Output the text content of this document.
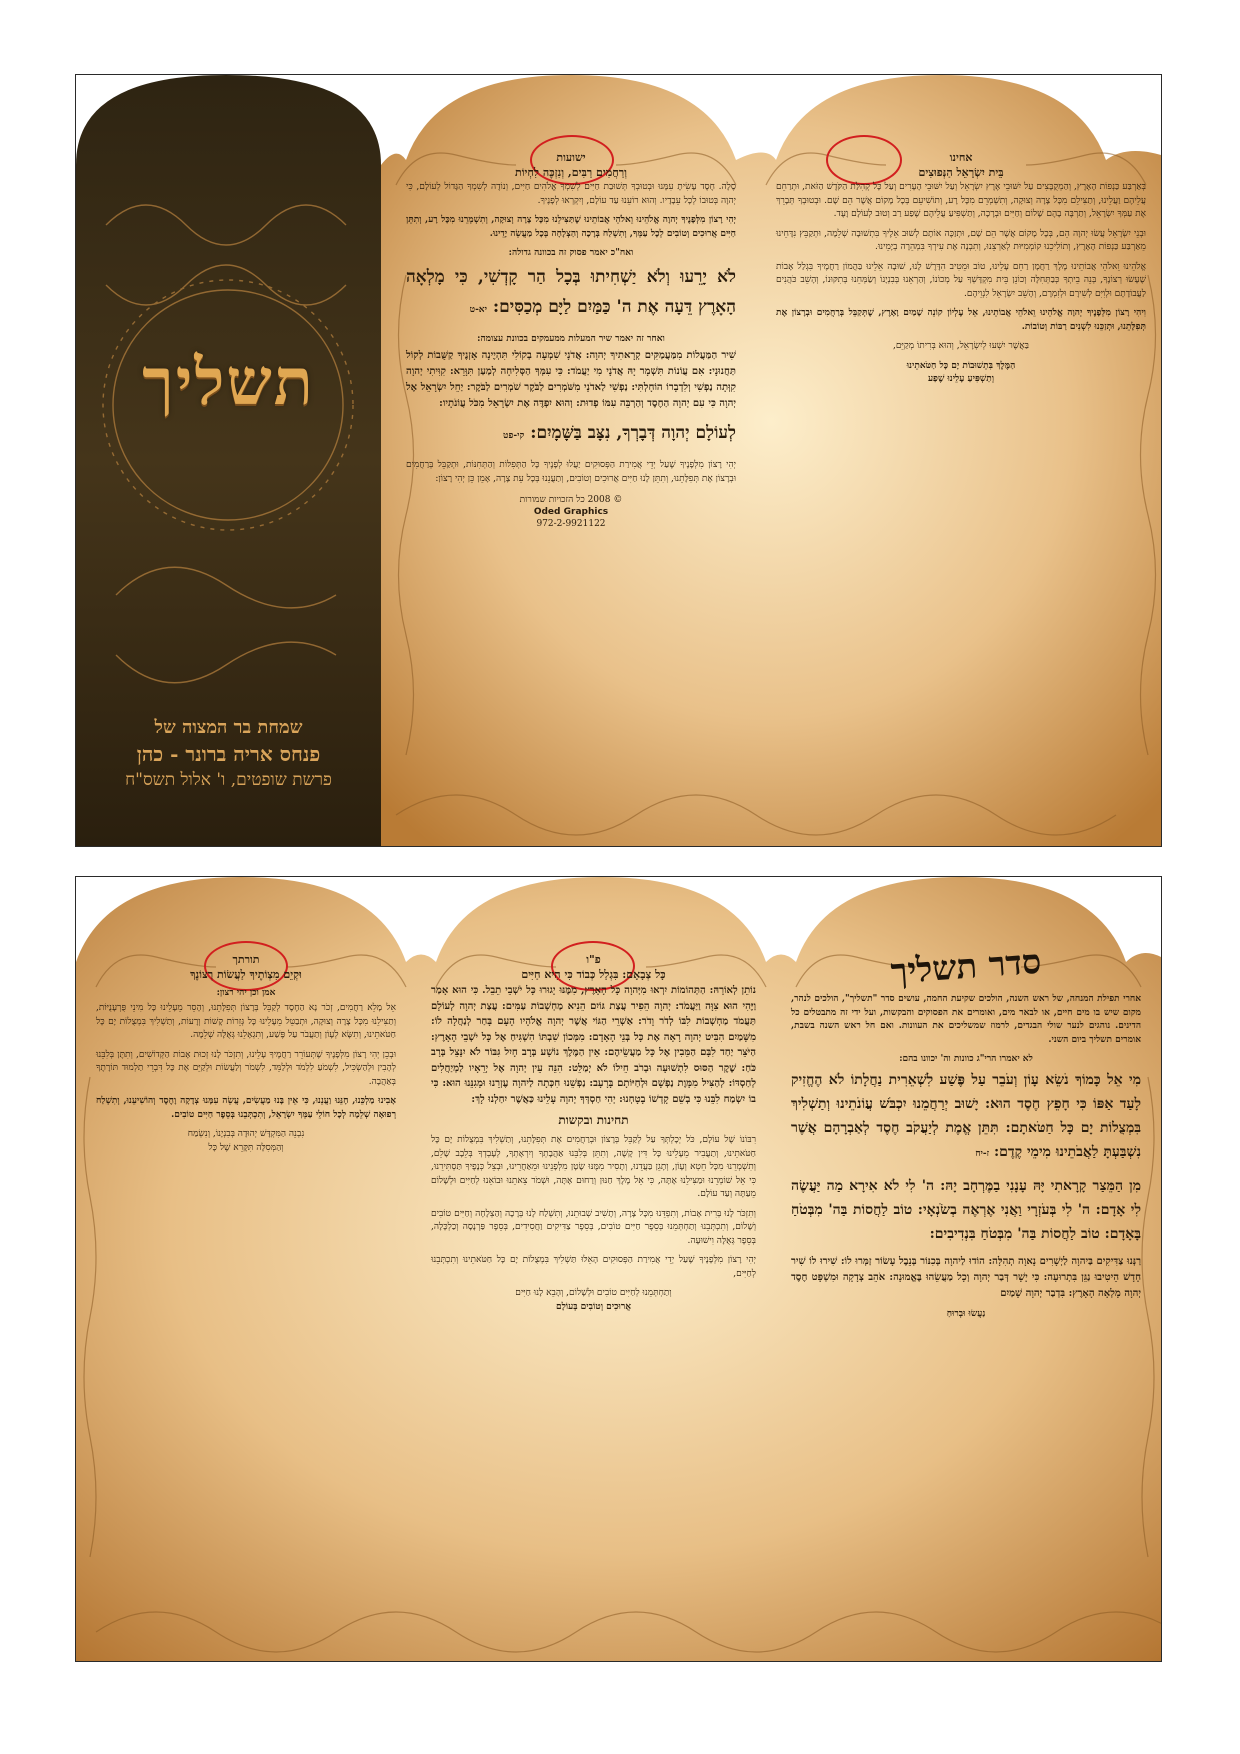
תשליך
שמחת בר המצוה של
פנחס אריה ברונר - כהן
פרשת שופטים, ו' אלול תשס"ח
ישועות
וְרַחֲמִים רַבִּים, וְנִזְכֶּה לִחְיוֹת

סֶלָה. חֶסֶד עָשִׂיתָ עִמָּנוּ וּבְטוּבְךָ תְּשׁוּבַת חַיִּים לְשִׁמְךָ אֱלֹהִים חַיִּים, וְנוֹדֶה לְשִׁמְךָ הַגָּדוֹל לְעוֹלָם, כִּי יְהוָה בְּטוּבוֹ לְכָל עֵבָדָיו. וְהוּא רוֹעֵנוּ עַד עוֹלָם, וְיִקְרְאוּ לְפָנֶיךָ.

יְהִי רָצוֹן מִלְּפָנֶיךָ יְהוָה אֱלֹהֵינוּ וֵאלֹהֵי אֲבוֹתֵינוּ שֶׁתַּצִּילֵנוּ מִכָּל צָרָה וְצוּקָה, וְתִשְׁמְרֵנוּ מִכָּל רָע, וְתִתֵּן חַיִּים אֲרוּכִים וְטוֹבִים לְכָל עַמְּךָ, וְתִשְׁלַח בְּרָכָה וְהַצְלָחָה בְּכָל מַעֲשֵׂה יָדֵינוּ.

ואח"כ יאמר פסוק זה בכוונה גדולה:

לֹא יָרֵעוּ וְלֹא יַשְׁחִיתוּ בְּכָל הַר קָדְשִׁי, כִּי מָלְאָה הָאָרֶץ דֵּעָה אֶת ה' כַּמַּיִם לַיָּם מְכַסִּים: יא-ט

ואחר זה יאמר שיר המעלות ממעמקים בכוונת עצומה:

שִׁיר הַמַּעֲלוֹת מִמַּעֲמַקִּים קְרָאתִיךָ יְהוָה: אֲדֹנָי שִׁמְעָה בְקוֹלִי תִּהְיֶינָה אָזְנֶיךָ קַשֻּׁבוֹת לְקוֹל תַּחֲנוּנָי: אִם עֲוֹנוֹת תִּשְׁמָר יָהּ אֲדֹנָי מִי יַעֲמֹד: כִּי עִמְּךָ הַסְּלִיחָה לְמַעַן תִּוָּרֵא: קִוִּיתִי יְהוָה קִוְּתָה נַפְשִׁי וְלִדְבָרוֹ הוֹחָלְתִּי: נַפְשִׁי לַאדֹנָי מִשֹּׁמְרִים לַבֹּקֶר שֹׁמְרִים לַבֹּקֶר: יַחֵל יִשְׂרָאֵל אֶל יְהוָה כִּי עִם יְהוָה הַחֶסֶד וְהַרְבֵּה עִמּוֹ פְדוּת: וְהוּא יִפְדֶּה אֶת יִשְׂרָאֵל מִכֹּל עֲוֹנֹתָיו:

לְעוֹלָם יְהוָה דְּבָרְךָ, נִצָּב בַּשָּׁמָיִם: קי-פט

יְהִי רָצוֹן מִלְּפָנֶיךָ שֶׁעַל יְדֵי אֲמִירַת הַפְּסוּקִים יַעֲלוּ לְפָנֶיךָ כָּל הַתְּפִלּוֹת וְהַתְּחִנּוֹת, וּתְקַבֵּל בְּרַחֲמִים וּבְרָצוֹן אֶת תְּפִלָּתֵנוּ, וְתִתֵּן לָנוּ חַיִּים אֲרוּכִים וְטוֹבִים, וְתַעֲנֵנוּ בְּכָל עֵת צָרָה, אָמֵן כֵּן יְהִי רָצוֹן:

© 2008 כל הזכויות שמורות
Oded Graphics
972-2-9921122
אחינו
בֵּית יִשְׂרָאֵל הַנְּפוּצִים

בְּאַרְבַּע כַּנְפוֹת הָאָרֶץ, וְהַמְקֻבָּצִים עַל יִשּׁוּבֵי אֶרֶץ יִשְׂרָאֵל וְעַל יִשּׁוּבֵי הָעָרִים וְעַל כָּל קְהִלַּת הַקֹּדֶשׁ הַזֹּאת, וּתְרַחֵם עֲלֵיהֶם וַעֲלֵינוּ, וְתַצִּילֵם מִכָּל צָרָה וְצוּקָה, וְתִשְׁמְרֵם מִכָּל רָע, וְתוֹשִׁיעֵם בְּכָל מָקוֹם אֲשֶׁר הֵם שָׁם. וּבְטוּבְךָ תְּבָרֵךְ אֶת עַמְּךָ יִשְׂרָאֵל, וְתַרְבֶּה בָהֶם שָׁלוֹם וְחַיִּים וּבְרָכָה, וְתַשְׁפִּיעַ עֲלֵיהֶם שֶׁפַע רַב וְטוּב לְעוֹלָם וָעֶד.

וּבְנֵי יִשְׂרָאֵל עֲשׂוּ יְהוָה הֵם, בְּכָל מָקוֹם אֲשֶׁר הֵם שָׁם, וּתְזַכֶּה אוֹתָם לְשׁוּב אֵלֶיךָ בִּתְשׁוּבָה שְׁלֵמָה, וּתְקַבֵּץ נִדָּחֵינוּ מֵאַרְבַּע כַּנְפוֹת הָאָרֶץ, וְתוֹלִיכֵנוּ קוֹמְמִיּוּת לְאַרְצֵנוּ, וְתִבְנֶה אֶת עִירְךָ בִּמְהֵרָה בְיָמֵינוּ.

אֱלֹהֵינוּ וֵאלֹהֵי אֲבוֹתֵינוּ מֶלֶךְ רַחֲמָן רַחֵם עָלֵינוּ, טוֹב וּמֵטִיב הִדָּרֶשׁ לָנוּ, שׁוּבָה אֵלֵינוּ בַּהֲמוֹן רַחֲמֶיךָ בִּגְלַל אָבוֹת שֶׁעָשׂוּ רְצוֹנֶךָ, בְּנֵה בֵיתְךָ כְּבַתְּחִלָּה וְכוֹנֵן בֵּית מִקְדָּשְׁךָ עַל מְכוֹנוֹ, וְהַרְאֵנוּ בְּבִנְיָנוֹ וְשַׂמְּחֵנוּ בְּתִקּוּנוֹ, וְהָשֵׁב כֹּהֲנִים לַעֲבוֹדָתָם וּלְוִיִּם לְשִׁירָם וּלְזִמְרָם, וְהָשֵׁב יִשְׂרָאֵל לִנְוֵיהֶם.

וִיהִי רָצוֹן מִלְּפָנֶיךָ יְהוָה אֱלֹהֵינוּ וֵאלֹהֵי אֲבוֹתֵינוּ, אֵל עֶלְיוֹן קוֹנֵה שָׁמַיִם וָאָרֶץ, שֶׁתְּקַבֵּל בְּרַחֲמִים וּבְרָצוֹן אֶת תְּפִלָּתֵנוּ, וּתְזַכֵּנוּ לִשְׁנִים רַבּוֹת וְטוֹבוֹת.

בַּאֲשֶׁר יִשְׁעוּ לְיִשְׂרָאֵל, וְהוּא בְּרִיתוֹ מְקַיֵּם,
הַמֶּלֶךְ בִּתְשׁוּבוֹת יָם כָּל חַטֹּאתֵינוּ
וְתַשְׁפִּיעַ עָלֵינוּ שֶׁפַע
תורתך
וּקְיֵם מִצְוֹתֶיךָ לַעֲשׂוֹת רְצוֹנֶךָ
אמן וכן יהי רצון:

אֵל מָלֵא רַחֲמִים, זְכֹר נָא הַחֶסֶד לְקַבֵּל בְּרָצוֹן תְּפִלָּתֵנוּ, וְהָסֵר מֵעָלֵינוּ כָּל מִינֵי פֻּרְעָנֻיּוֹת, וְתַצִּילֵנוּ מִכָּל צָרָה וְצוּקָה, וּתְבַטֵּל מֵעָלֵינוּ כָּל גְּזֵרוֹת קָשׁוֹת וְרָעוֹת, וְתַשְׁלִיךְ בִּמְצֻלוֹת יָם כָּל חַטֹּאתֵינוּ, וְתִשָּׂא לְעָוֹן וְתַעֲבֹר עַל פֶּשַׁע, וְתִגְאָלֵנוּ גְּאֻלָּה שְׁלֵמָה.

וּבְכֵן יְהִי רָצוֹן מִלְּפָנֶיךָ שֶׁתְּעוֹרֵר רַחֲמֶיךָ עָלֵינוּ, וְתִזְכֹּר לָנוּ זְכוּת אָבוֹת הַקְּדוֹשִׁים, וְתִתֶּן בְּלִבֵּנוּ לְהָבִין וּלְהַשְׂכִּיל, לִשְׁמֹעַ לִלְמֹד וּלְלַמֵּד, לִשְׁמֹר וְלַעֲשׂוֹת וּלְקַיֵּם אֶת כָּל דִּבְרֵי תַלְמוּד תּוֹרָתֶךָ בְּאַהֲבָה.

אָבִינוּ מַלְכֵּנוּ, חָנֵּנוּ וַעֲנֵנוּ, כִּי אֵין בָּנוּ מַעֲשִׂים, עֲשֵׂה עִמָּנוּ צְדָקָה וָחֶסֶד וְהוֹשִׁיעֵנוּ, וְתִשְׁלַח רְפוּאָה שְׁלֵמָה לְכָל חוֹלֵי עַמְּךָ יִשְׂרָאֵל, וְתִכְתְּבֵנוּ בְּסֵפֶר חַיִּים טוֹבִים.

נִבְנֵה הַמִּקְדָּשׁ יְהוּדָה בְּבִנְיָנוֹ, וְנִשְׂמַח
וְהַמְּסִלָּה תִּקָּרֵא שֶׁל כָּל
פ"ו
כָּל צְבָאָם: בִּגְלַל כְּבוֹד כִּי הִיא חַיִּים

נוֹתֵן לְאוֹרָהּ: הַתְּהוֹמוֹת יִרְאוּ מִיְּהוָה כָּל הָאָרֶץ, מִמֶּנּוּ יָגוּרוּ כָּל יֹשְׁבֵי תֵבֵל. כִּי הוּא אָמַר וַיֶּהִי הוּא צִוָּה וַיַּעֲמֹד: יְהוָה הֵפִיר עֲצַת גּוֹיִם הֵנִיא מַחְשְׁבוֹת עַמִּים: עֲצַת יְהוָה לְעוֹלָם תַּעֲמֹד מַחְשְׁבוֹת לִבּוֹ לְדֹר וָדֹר: אַשְׁרֵי הַגּוֹי אֲשֶׁר יְהוָה אֱלֹהָיו הָעָם בָּחַר לְנַחֲלָה לוֹ: מִשָּׁמַיִם הִבִּיט יְהוָה רָאָה אֶת כָּל בְּנֵי הָאָדָם: מִמְּכוֹן שִׁבְתּוֹ הִשְׁגִּיחַ אֶל כָּל יֹשְׁבֵי הָאָרֶץ: הַיֹּצֵר יַחַד לִבָּם הַמֵּבִין אֶל כָּל מַעֲשֵׂיהֶם: אֵין הַמֶּלֶךְ נוֹשָׁע בְּרָב חָיִל גִּבּוֹר לֹא יִנָּצֵל בְּרָב כֹּחַ: שֶׁקֶר הַסּוּס לִתְשׁוּעָה וּבְרֹב חֵילוֹ לֹא יְמַלֵּט: הִנֵּה עֵין יְהוָה אֶל יְרֵאָיו לַמְיַחֲלִים לְחַסְדּוֹ: לְהַצִּיל מִמָּוֶת נַפְשָׁם וּלְחַיּוֹתָם בָּרָעָב: נַפְשֵׁנוּ חִכְּתָה לַיהוָה עֶזְרֵנוּ וּמָגִנֵּנוּ הוּא: כִּי בוֹ יִשְׂמַח לִבֵּנוּ כִּי בְשֵׁם קָדְשׁוֹ בָטָחְנוּ: יְהִי חַסְדְּךָ יְהוָה עָלֵינוּ כַּאֲשֶׁר יִחַלְנוּ לָךְ:

תחינות ובקשות

רִבּוֹנוֹ שֶׁל עוֹלָם, כֹּל יְכָלְתְּךָ עַל לְקַבֵּל בְּרָצוֹן וּבְרַחֲמִים אֶת תְּפִלָּתֵנוּ, וְתַשְׁלִיךְ בִּמְצֻלוֹת יָם כָּל חַטֹּאתֵינוּ, וְתַעֲבִיר מֵעָלֵינוּ כָּל דִּין קָשֶׁה, וְתִתֵּן בְּלִבֵּנוּ אַהֲבָתְךָ וְיִרְאָתְךָ, לְעָבְדְךָ בְּלֵבָב שָׁלֵם, וְתִשְׁמְרֵנוּ מִכָּל חֵטְא וְעָוֹן, וְתָגֵן בַּעֲדֵנוּ, וְתָסִיר מִמֶּנּוּ שָׂטָן מִלְּפָנֵינוּ וּמֵאַחֲרֵינוּ, וּבְצֵל כְּנָפֶיךָ תַּסְתִּירֵנוּ, כִּי אֵל שׁוֹמְרֵנוּ וּמַצִּילֵנוּ אָתָּה, כִּי אֵל מֶלֶךְ חַנּוּן וְרַחוּם אָתָּה, וּשְׁמֹר צֵאתֵנוּ וּבוֹאֵנוּ לְחַיִּים וּלְשָׁלוֹם מֵעַתָּה וְעַד עוֹלָם.

וְתִזְכֹּר לָנוּ בְּרִית אָבוֹת, וְתִפְדֵּנוּ מִכָּל צָרָה, וְתָשִׁיב שְׁבוּתֵנוּ, וְתִשְׁלַח לָנוּ בְּרָכָה וְהַצְלָחָה וְחַיִּים טוֹבִים וְשָׁלוֹם, וְתִכְתְּבֵנוּ וְתַחְתְּמֵנוּ בְּסֵפֶר חַיִּים טוֹבִים, בְּסֵפֶר צַדִּיקִים וַחֲסִידִים, בְּסֵפֶר פַּרְנָסָה וְכַלְכָּלָה, בְּסֵפֶר גְּאֻלָּה וִישׁוּעָה.

יְהִי רָצוֹן מִלְּפָנֶיךָ שֶׁעַל יְדֵי אֲמִירַת הַפְּסוּקִים הָאֵלּוּ תַּשְׁלִיךְ בִּמְצֻלוֹת יָם כָּל חַטֹּאתֵינוּ וְתִכְתְּבֵנוּ לְחַיִּים,

וְתַחְתְּמֵנוּ לְחַיִּים טוֹבִים וּלְשָׁלוֹם, וְהָבֵא לָנוּ חַיִּים
אֲרוּכִים וְטוֹבִים בְּעוֹלָם
סדר תשליך

אחרי תפילת המנחה, של ראש השנה, הולכים שקיעת החמה, עושים סדר "תשליך", הולכים לנהר, מקום שיש בו מים חיים, או לבאר מים, ואומרים את הפסוקים והבקשות, ועל ידי זה מתבטלים כל הדינים. נוהגים לנער שולי הבגדים, לרמוז שמשליכים את העוונות. ואם חל ראש השנה בשבת, אומרים תשליך ביום השני.

לא יאמרו הרי"ג כוונות וה' יכוונו בהם:

מִי אֵל כָּמוֹךָ נֹשֵׂא עָוֹן וְעֹבֵר עַל פֶּשַׁע לִשְׁאֵרִית נַחֲלָתוֹ לֹא הֶחֱזִיק לָעַד אַפּוֹ כִּי חָפֵץ חֶסֶד הוּא: יָשׁוּב יְרַחֲמֵנוּ יִכְבֹּשׁ עֲוֹנֹתֵינוּ וְתַשְׁלִיךְ בִּמְצֻלוֹת יָם כָּל חַטֹּאתָם: תִּתֵּן אֱמֶת לְיַעֲקֹב חֶסֶד לְאַבְרָהָם אֲשֶׁר נִשְׁבַּעְתָּ לַאֲבֹתֵינוּ מִימֵי קֶדֶם: ז-יח

מִן הַמֵּצַר קָרָאתִי יָּהּ עָנָנִי בַמֶּרְחָב יָהּ: ה' לִי לֹא אִירָא מַה יַּעֲשֶׂה לִי אָדָם: ה' לִי בְּעֹזְרָי וַאֲנִי אֶרְאֶה בְשֹׂנְאָי: טוֹב לַחֲסוֹת בַּה' מִבְּטֹחַ בָּאָדָם: טוֹב לַחֲסוֹת בַּה' מִבְּטֹחַ בִּנְדִיבִים:

רַנְּנוּ צַדִּיקִים בַּיהוָה לַיְשָׁרִים נָאוָה תְהִלָּה: הוֹדוּ לַיהוָה בְּכִנּוֹר בְּנֵבֶל עָשׂוֹר זַמְּרוּ לוֹ: שִׁירוּ לוֹ שִׁיר חָדָשׁ הֵיטִיבוּ נַגֵּן בִּתְרוּעָה: כִּי יָשָׁר דְּבַר יְהוָה וְכָל מַעֲשֵׂהוּ בֶּאֱמוּנָה: אֹהֵב צְדָקָה וּמִשְׁפָּט חֶסֶד יְהוָה מָלְאָה הָאָרֶץ: בִּדְבַר יְהוָה שָׁמַיִם

נַעֲשׂוּ וּבְרוּחַ
